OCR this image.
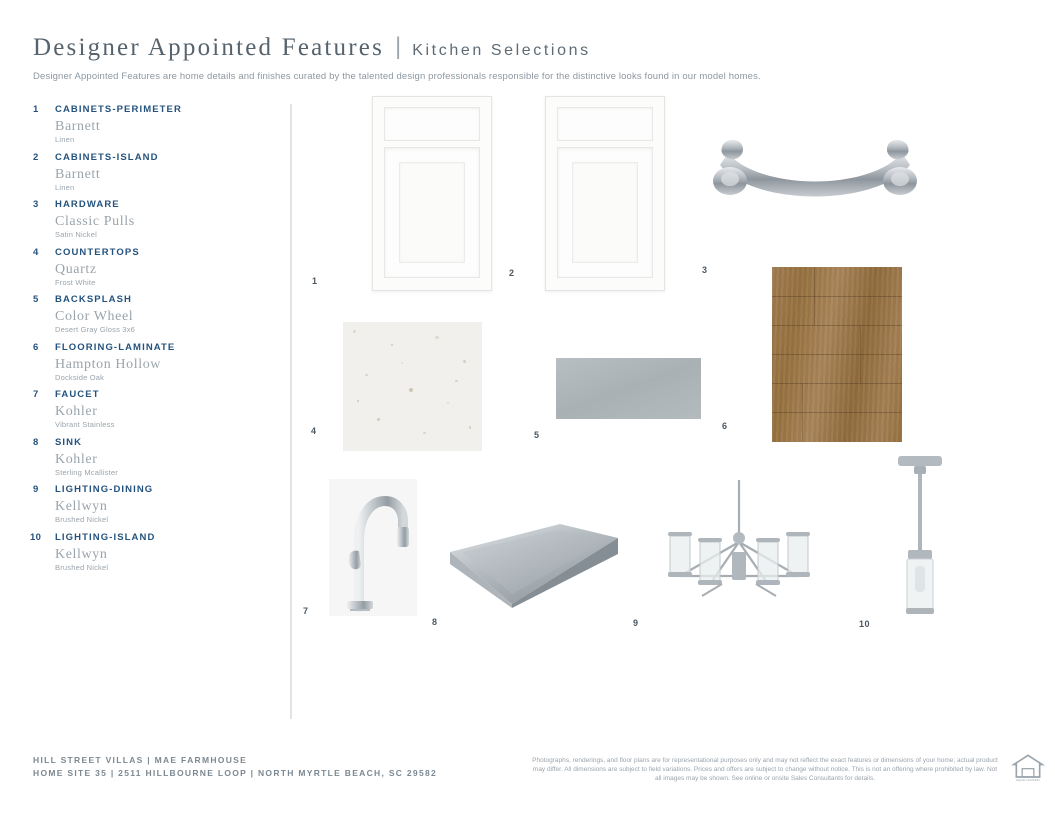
Designer Appointed Features | Kitchen Selections
Designer Appointed Features are home details and finishes curated by the talented design professionals responsible for the distinctive looks found in our model homes.
1 CABINETS-PERIMETER
Barnett
Linen
2 CABINETS-ISLAND
Barnett
Linen
3 HARDWARE
Classic Pulls
Satin Nickel
4 COUNTERTOPS
Quartz
Frost White
5 BACKSPLASH
Color Wheel
Desert Gray Gloss 3x6
6 FLOORING-LAMINATE
Hampton Hollow
Dockside Oak
7 FAUCET
Kohler
Vibrant Stainless
8 SINK
Kohler
Sterling Mcallister
9 LIGHTING-DINING
Kellwyn
Brushed Nickel
10 LIGHTING-ISLAND
Kellwyn
Brushed Nickel
1
2	3
4	5
6
7
8	9	10
HILL STREET VILLAS | MAE FARMHOUSE
HOME SITE 35 | 2511 HILLBOURNE LOOP | NORTH MYRTLE BEACH, SC 29582
Photographs, renderings, and floor plans are for representational purposes only and may not reflect the exact features or dimensions of your home; actual product may differ. All dimensions are subject to field variations. Prices and offers are subject to change without notice. This is not an offering where prohibited by law. Not all images may be shown. See online or onsite Sales Consultants for details.	EQUAL HOUSING
